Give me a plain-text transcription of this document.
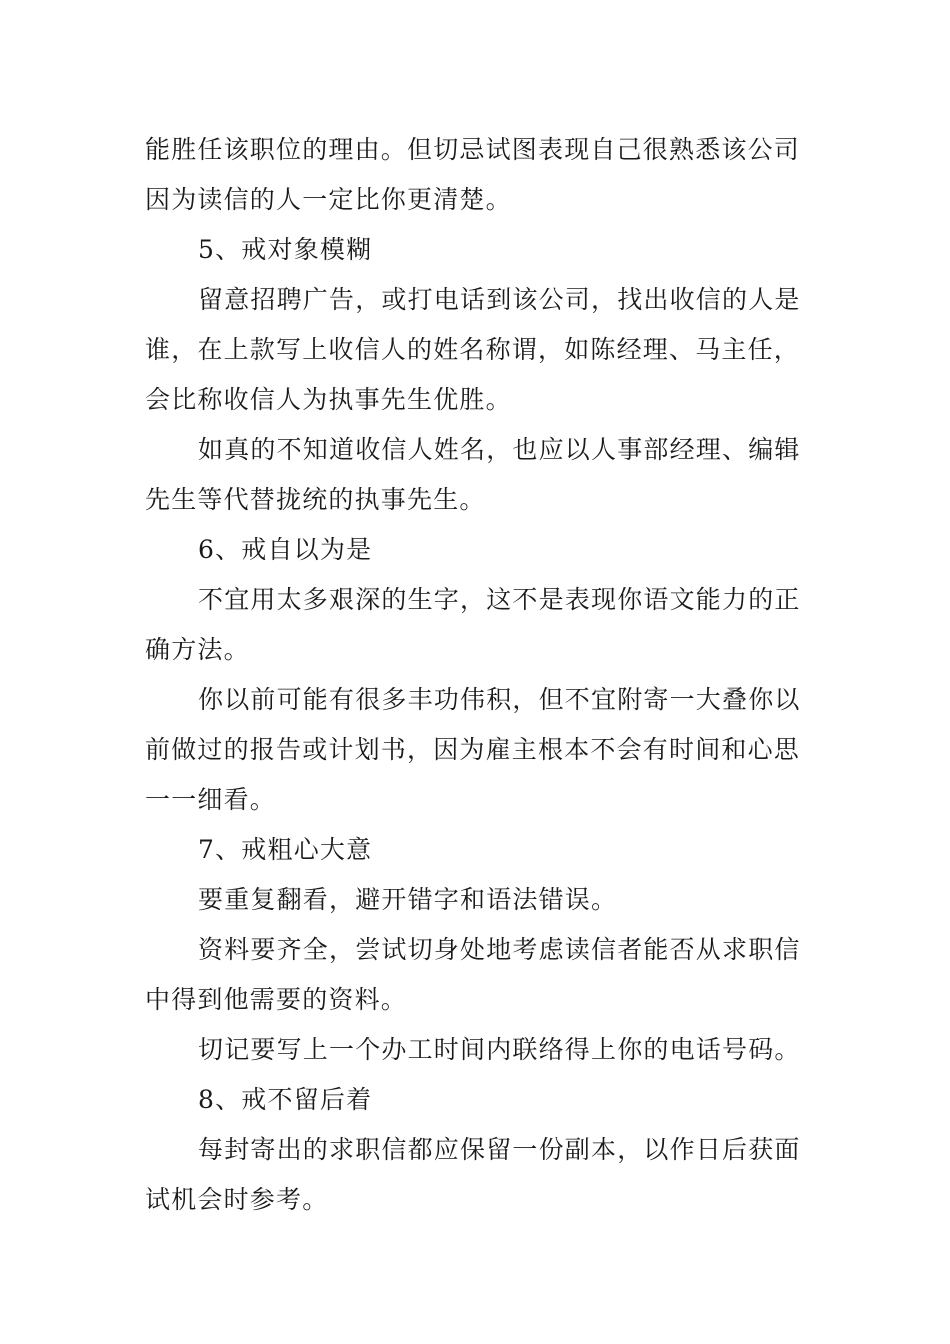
能胜任该职位的理由。但切忌试图表现自己很熟悉该公司
因为读信的人一定比你更清楚。
5、戒对象模糊
留意招聘广告，或打电话到该公司，找出收信的人是
谁，在上款写上收信人的姓名称谓，如陈经理、马主任，
会比称收信人为执事先生优胜。
如真的不知道收信人姓名，也应以人事部经理、编辑
先生等代替拢统的执事先生。
6、戒自以为是
不宜用太多艰深的生字，这不是表现你语文能力的正
确方法。
你以前可能有很多丰功伟积，但不宜附寄一大叠你以
前做过的报告或计划书，因为雇主根本不会有时间和心思
一一细看。
7、戒粗心大意
要重复翻看，避开错字和语法错误。
资料要齐全，尝试切身处地考虑读信者能否从求职信
中得到他需要的资料。
切记要写上一个办工时间内联络得上你的电话号码。
8、戒不留后着
每封寄出的求职信都应保留一份副本，以作日后获面
试机会时参考。
